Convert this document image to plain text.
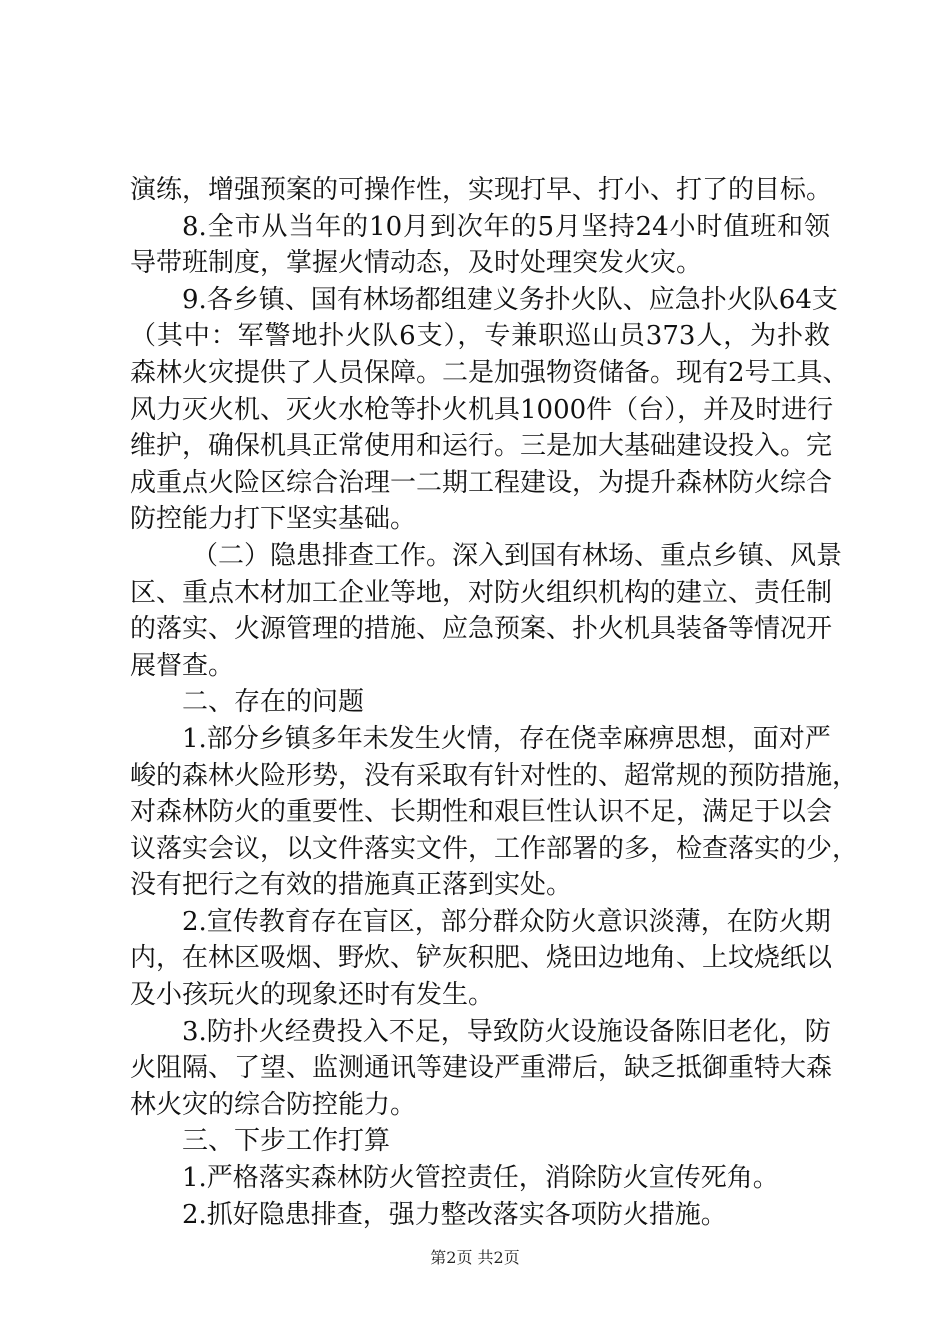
演练，增强预案的可操作性，实现打早、打小、打了的目标。
8.全市从当年的10月到次年的5月坚持24小时值班和领
导带班制度，掌握火情动态，及时处理突发火灾。
9.各乡镇、国有林场都组建义务扑火队、应急扑火队64支
（其中：军警地扑火队6支），专兼职巡山员373人，为扑救
森林火灾提供了人员保障。二是加强物资储备。现有2号工具、
风力灭火机、灭火水枪等扑火机具1000件（台），并及时进行
维护，确保机具正常使用和运行。三是加大基础建设投入。完
成重点火险区综合治理一二期工程建设，为提升森林防火综合
防控能力打下坚实基础。
（二）隐患排查工作。深入到国有林场、重点乡镇、风景
区、重点木材加工企业等地，对防火组织机构的建立、责任制
的落实、火源管理的措施、应急预案、扑火机具装备等情况开
展督查。
二、存在的问题
1.部分乡镇多年未发生火情，存在侥幸麻痹思想，面对严
峻的森林火险形势，没有采取有针对性的、超常规的预防措施，
对森林防火的重要性、长期性和艰巨性认识不足，满足于以会
议落实会议，以文件落实文件，工作部署的多，检查落实的少，
没有把行之有效的措施真正落到实处。
2.宣传教育存在盲区，部分群众防火意识淡薄，在防火期
内，在林区吸烟、野炊、铲灰积肥、烧田边地角、上坟烧纸以
及小孩玩火的现象还时有发生。
3.防扑火经费投入不足，导致防火设施设备陈旧老化，防
火阻隔、了望、监测通讯等建设严重滞后，缺乏抵御重特大森
林火灾的综合防控能力。
三、下步工作打算
1.严格落实森林防火管控责任，消除防火宣传死角。
2.抓好隐患排查，强力整改落实各项防火措施。
第2页 共2页
